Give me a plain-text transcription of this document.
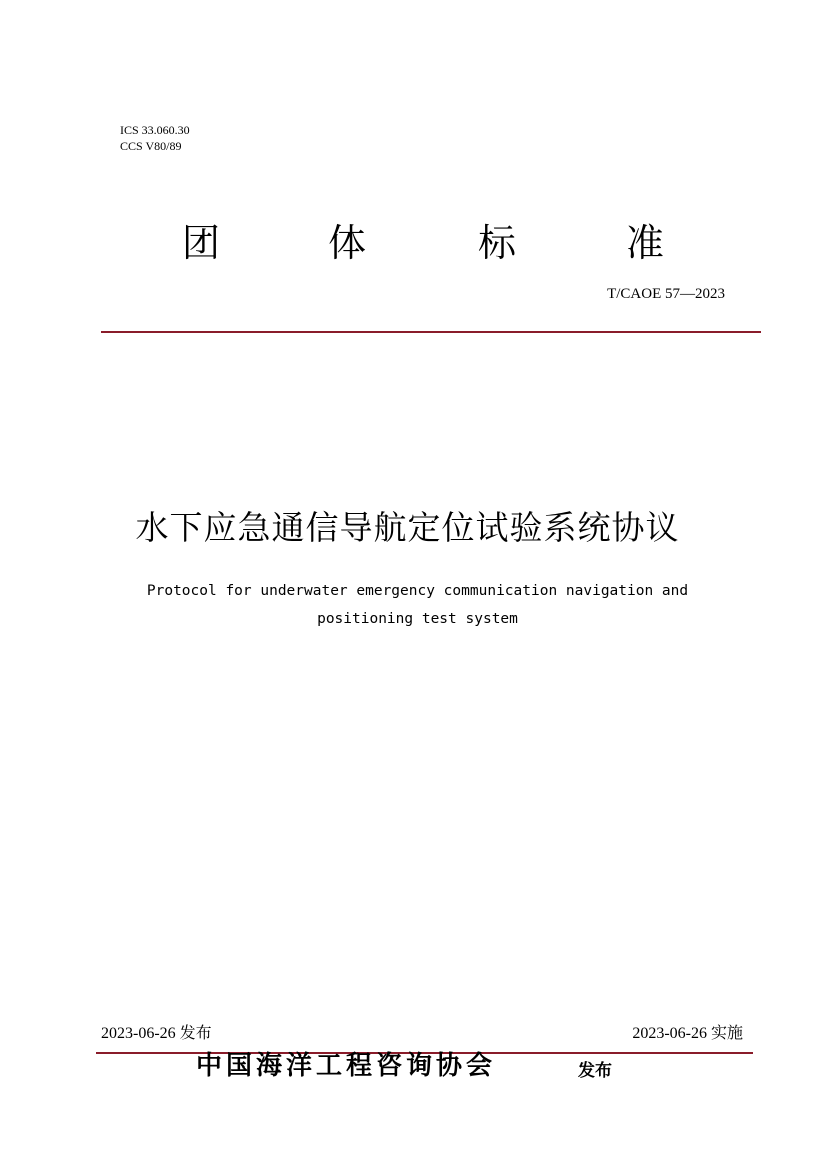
ICS 33.060.30
CCS V80/89
团	体	标	准
T/CAOE 57—2023
水下应急通信导航定位试验系统协议
Protocol for underwater emergency communication navigation and
positioning test system
2023-06-26 发布	2023-06-26 实施
中国海洋工程咨询协会	发布
